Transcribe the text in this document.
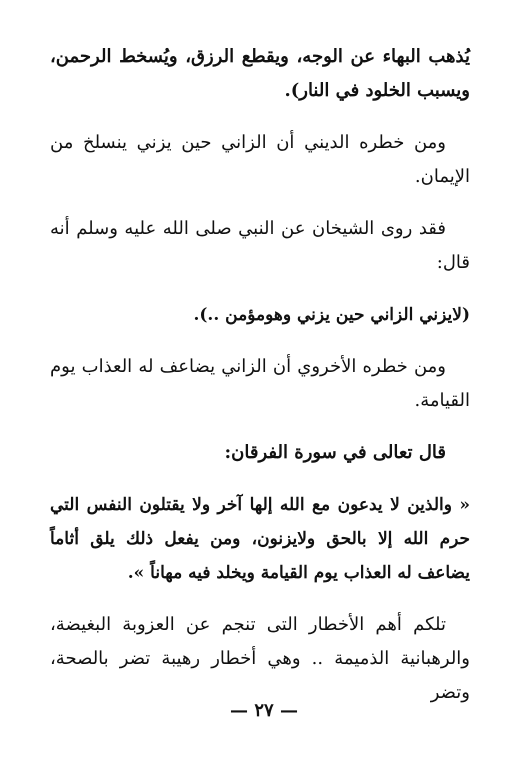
يُذهب البهاء عن الوجه، ويقطع الرزق، ويُسخط الرحمن، ويسبب الخلود في النار).

ومن خطره الديني أن الزاني حين يزني ينسلخ من الإيمان.

فقد روى الشيخان عن النبي صلى الله عليه وسلم أنه قال:

(لايزني الزاني حين يزني وهومؤمن ..).

ومن خطره الأخروي أن الزاني يضاعف له العذاب يوم القيامة.

قال تعالى في سورة الفرقان:

« والذين لا يدعون مع الله إلها آخر ولا يقتلون النفس التي حرم الله إلا بالحق ولايزنون، ومن يفعل ذلك يلق أثاماً يضاعف له العذاب يوم القيامة ويخلد فيه مهاناً ».

تلكم أهم الأخطار التى تنجم عن العزوبة البغيضة، والرهبانية الذميمة .. وهي أخطار رهيبة تضر بالصحة، وتضر

— ٢٧ —
